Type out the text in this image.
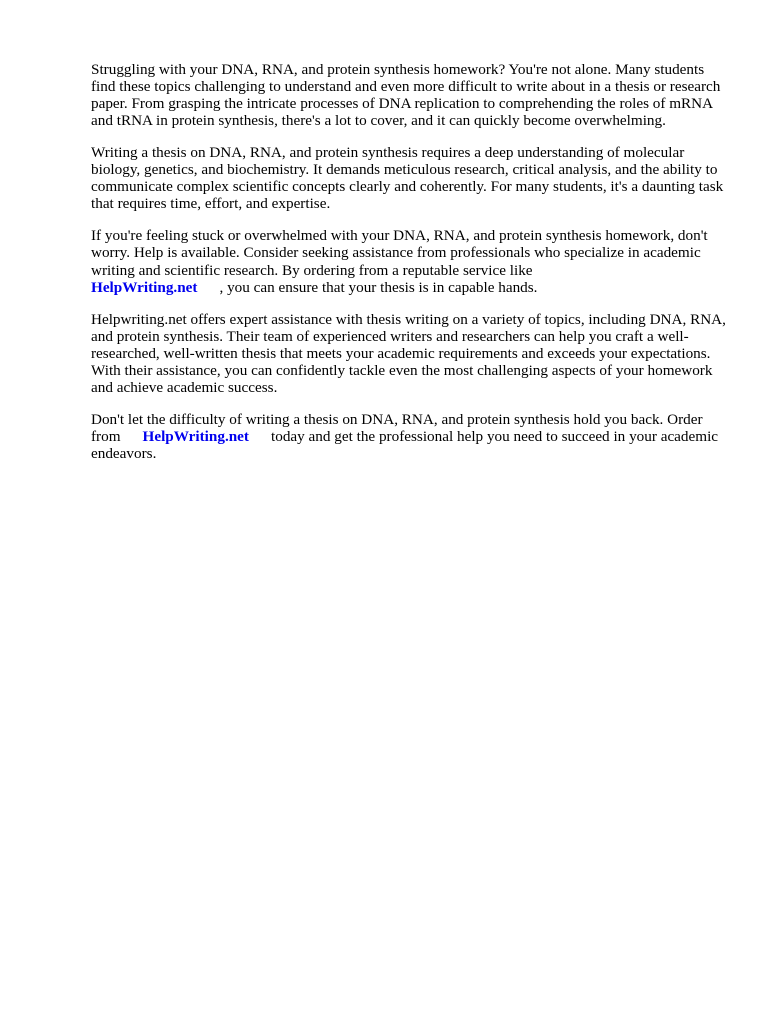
Struggling with your DNA, RNA, and protein synthesis homework? You're not alone. Many students find these topics challenging to understand and even more difficult to write about in a thesis or research paper. From grasping the intricate processes of DNA replication to comprehending the roles of mRNA and tRNA in protein synthesis, there's a lot to cover, and it can quickly become overwhelming.

Writing a thesis on DNA, RNA, and protein synthesis requires a deep understanding of molecular biology, genetics, and biochemistry. It demands meticulous research, critical analysis, and the ability to communicate complex scientific concepts clearly and coherently. For many students, it's a daunting task that requires time, effort, and expertise.

If you're feeling stuck or overwhelmed with your DNA, RNA, and protein synthesis homework, don't worry. Help is available. Consider seeking assistance from professionals who specialize in academic writing and scientific research. By ordering from a reputable service like
HelpWriting.net , you can ensure that your thesis is in capable hands.

Helpwriting.net offers expert assistance with thesis writing on a variety of topics, including DNA, RNA, and protein synthesis. Their team of experienced writers and researchers can help you craft a well-researched, well-written thesis that meets your academic requirements and exceeds your expectations. With their assistance, you can confidently tackle even the most challenging aspects of your homework and achieve academic success.

Don't let the difficulty of writing a thesis on DNA, RNA, and protein synthesis hold you back. Order from HelpWriting.net today and get the professional help you need to succeed in your academic endeavors.
